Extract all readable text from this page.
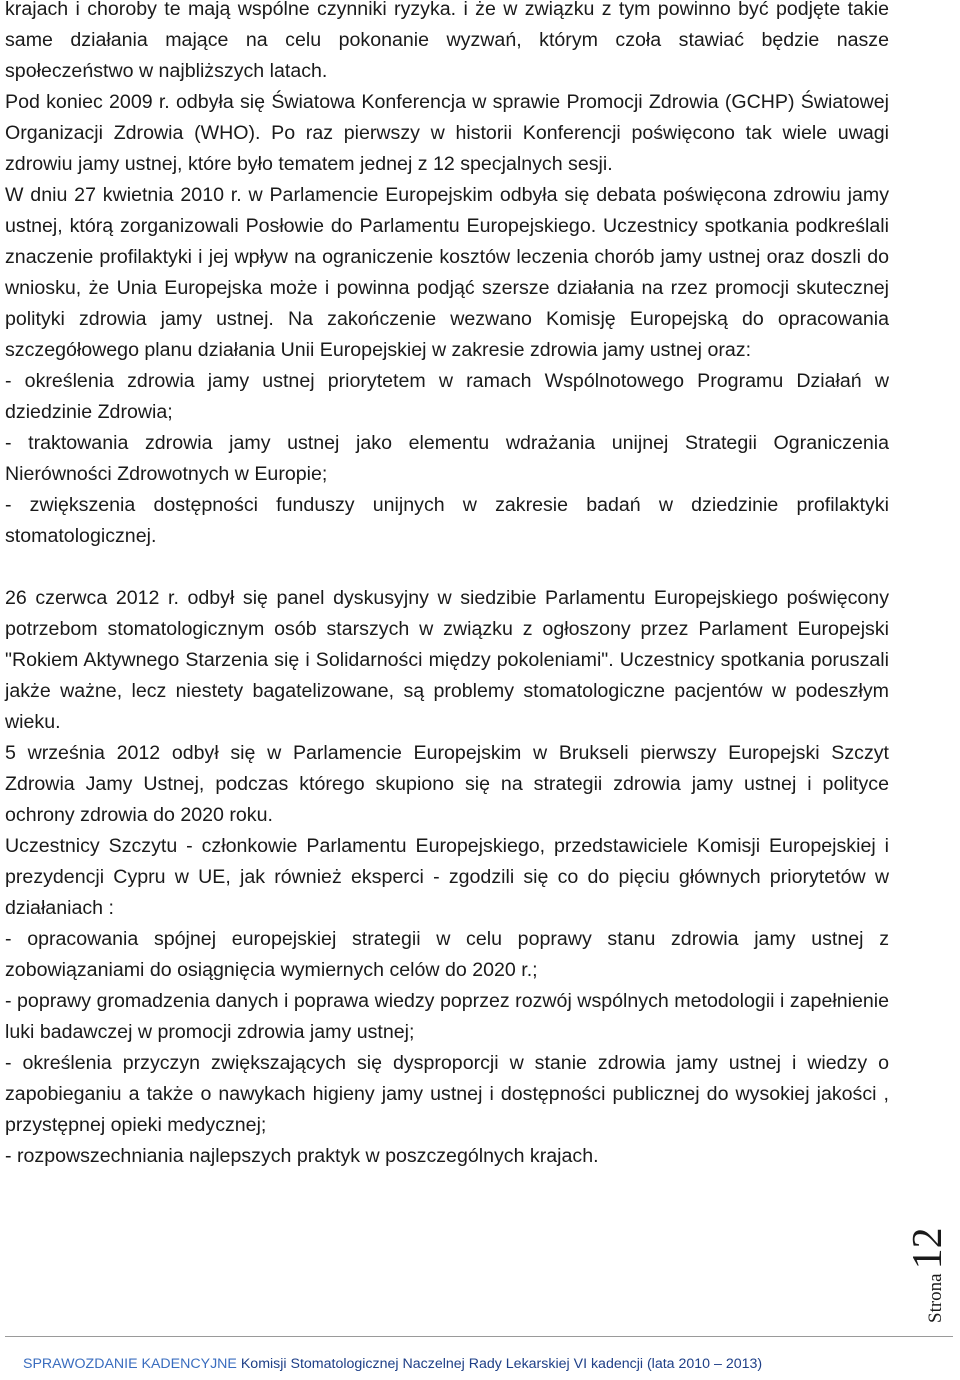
krajach i choroby te mają wspólne czynniki ryzyka. i że w związku z tym powinno być podjęte takie same działania mające na celu pokonanie wyzwań, którym czoła stawiać będzie nasze społeczeństwo w najbliższych latach.

Pod koniec 2009 r. odbyła się Światowa Konferencja w sprawie Promocji Zdrowia (GCHP) Światowej Organizacji Zdrowia (WHO). Po raz pierwszy w historii Konferencji poświęcono tak wiele uwagi zdrowiu jamy ustnej, które było tematem jednej z 12 specjalnych sesji.

W dniu 27 kwietnia 2010 r. w Parlamencie Europejskim odbyła się debata poświęcona zdrowiu jamy ustnej, którą zorganizowali Posłowie do Parlamentu Europejskiego. Uczestnicy spotkania podkreślali znaczenie profilaktyki i jej wpływ na ograniczenie kosztów leczenia chorób jamy ustnej oraz doszli do wniosku, że Unia Europejska może i powinna podjąć szersze działania na rzez promocji skutecznej polityki zdrowia jamy ustnej. Na zakończenie wezwano Komisję Europejską do opracowania szczegółowego planu działania Unii Europejskiej w zakresie zdrowia jamy ustnej oraz:

- określenia zdrowia jamy ustnej priorytetem w ramach Wspólnotowego Programu Działań w dziedzinie Zdrowia;

- traktowania zdrowia jamy ustnej jako elementu wdrażania unijnej Strategii Ograniczenia Nierówności Zdrowotnych w Europie;

- zwiększenia dostępności funduszy unijnych w zakresie badań w dziedzinie profilaktyki stomatologicznej.

26 czerwca 2012 r. odbył się panel dyskusyjny w siedzibie Parlamentu Europejskiego poświęcony potrzebom stomatologicznym osób starszych w związku z ogłoszony przez Parlament Europejski "Rokiem Aktywnego Starzenia się i Solidarności między pokoleniami". Uczestnicy spotkania poruszali jakże ważne, lecz niestety bagatelizowane, są problemy stomatologiczne pacjentów w podeszłym wieku.

5 września 2012 odbył się w Parlamencie Europejskim w Brukseli pierwszy Europejski Szczyt Zdrowia Jamy Ustnej, podczas którego skupiono się na strategii zdrowia jamy ustnej i polityce ochrony zdrowia do 2020 roku.

Uczestnicy Szczytu - członkowie Parlamentu Europejskiego, przedstawiciele Komisji Europejskiej i prezydencji Cypru w UE, jak również eksperci - zgodzili się co do pięciu głównych priorytetów w działaniach :

- opracowania spójnej europejskiej strategii w celu poprawy stanu zdrowia jamy ustnej z zobowiązaniami do osiągnięcia wymiernych celów do 2020 r.;

- poprawy gromadzenia danych i poprawa wiedzy poprzez rozwój wspólnych metodologii i zapełnienie luki badawczej w promocji zdrowia jamy ustnej;

- określenia przyczyn zwiększających się dysproporcji w stanie zdrowia jamy ustnej i wiedzy o zapobieganiu a także o nawykach higieny jamy ustnej i dostępności publicznej do wysokiej jakości , przystępnej opieki medycznej;

- rozpowszechniania najlepszych praktyk w poszczególnych krajach.

Strona
12
SPRAWOZDANIE KADENCYJNE Komisji Stomatologicznej Naczelnej Rady Lekarskiej VI kadencji (lata 2010 – 2013)
